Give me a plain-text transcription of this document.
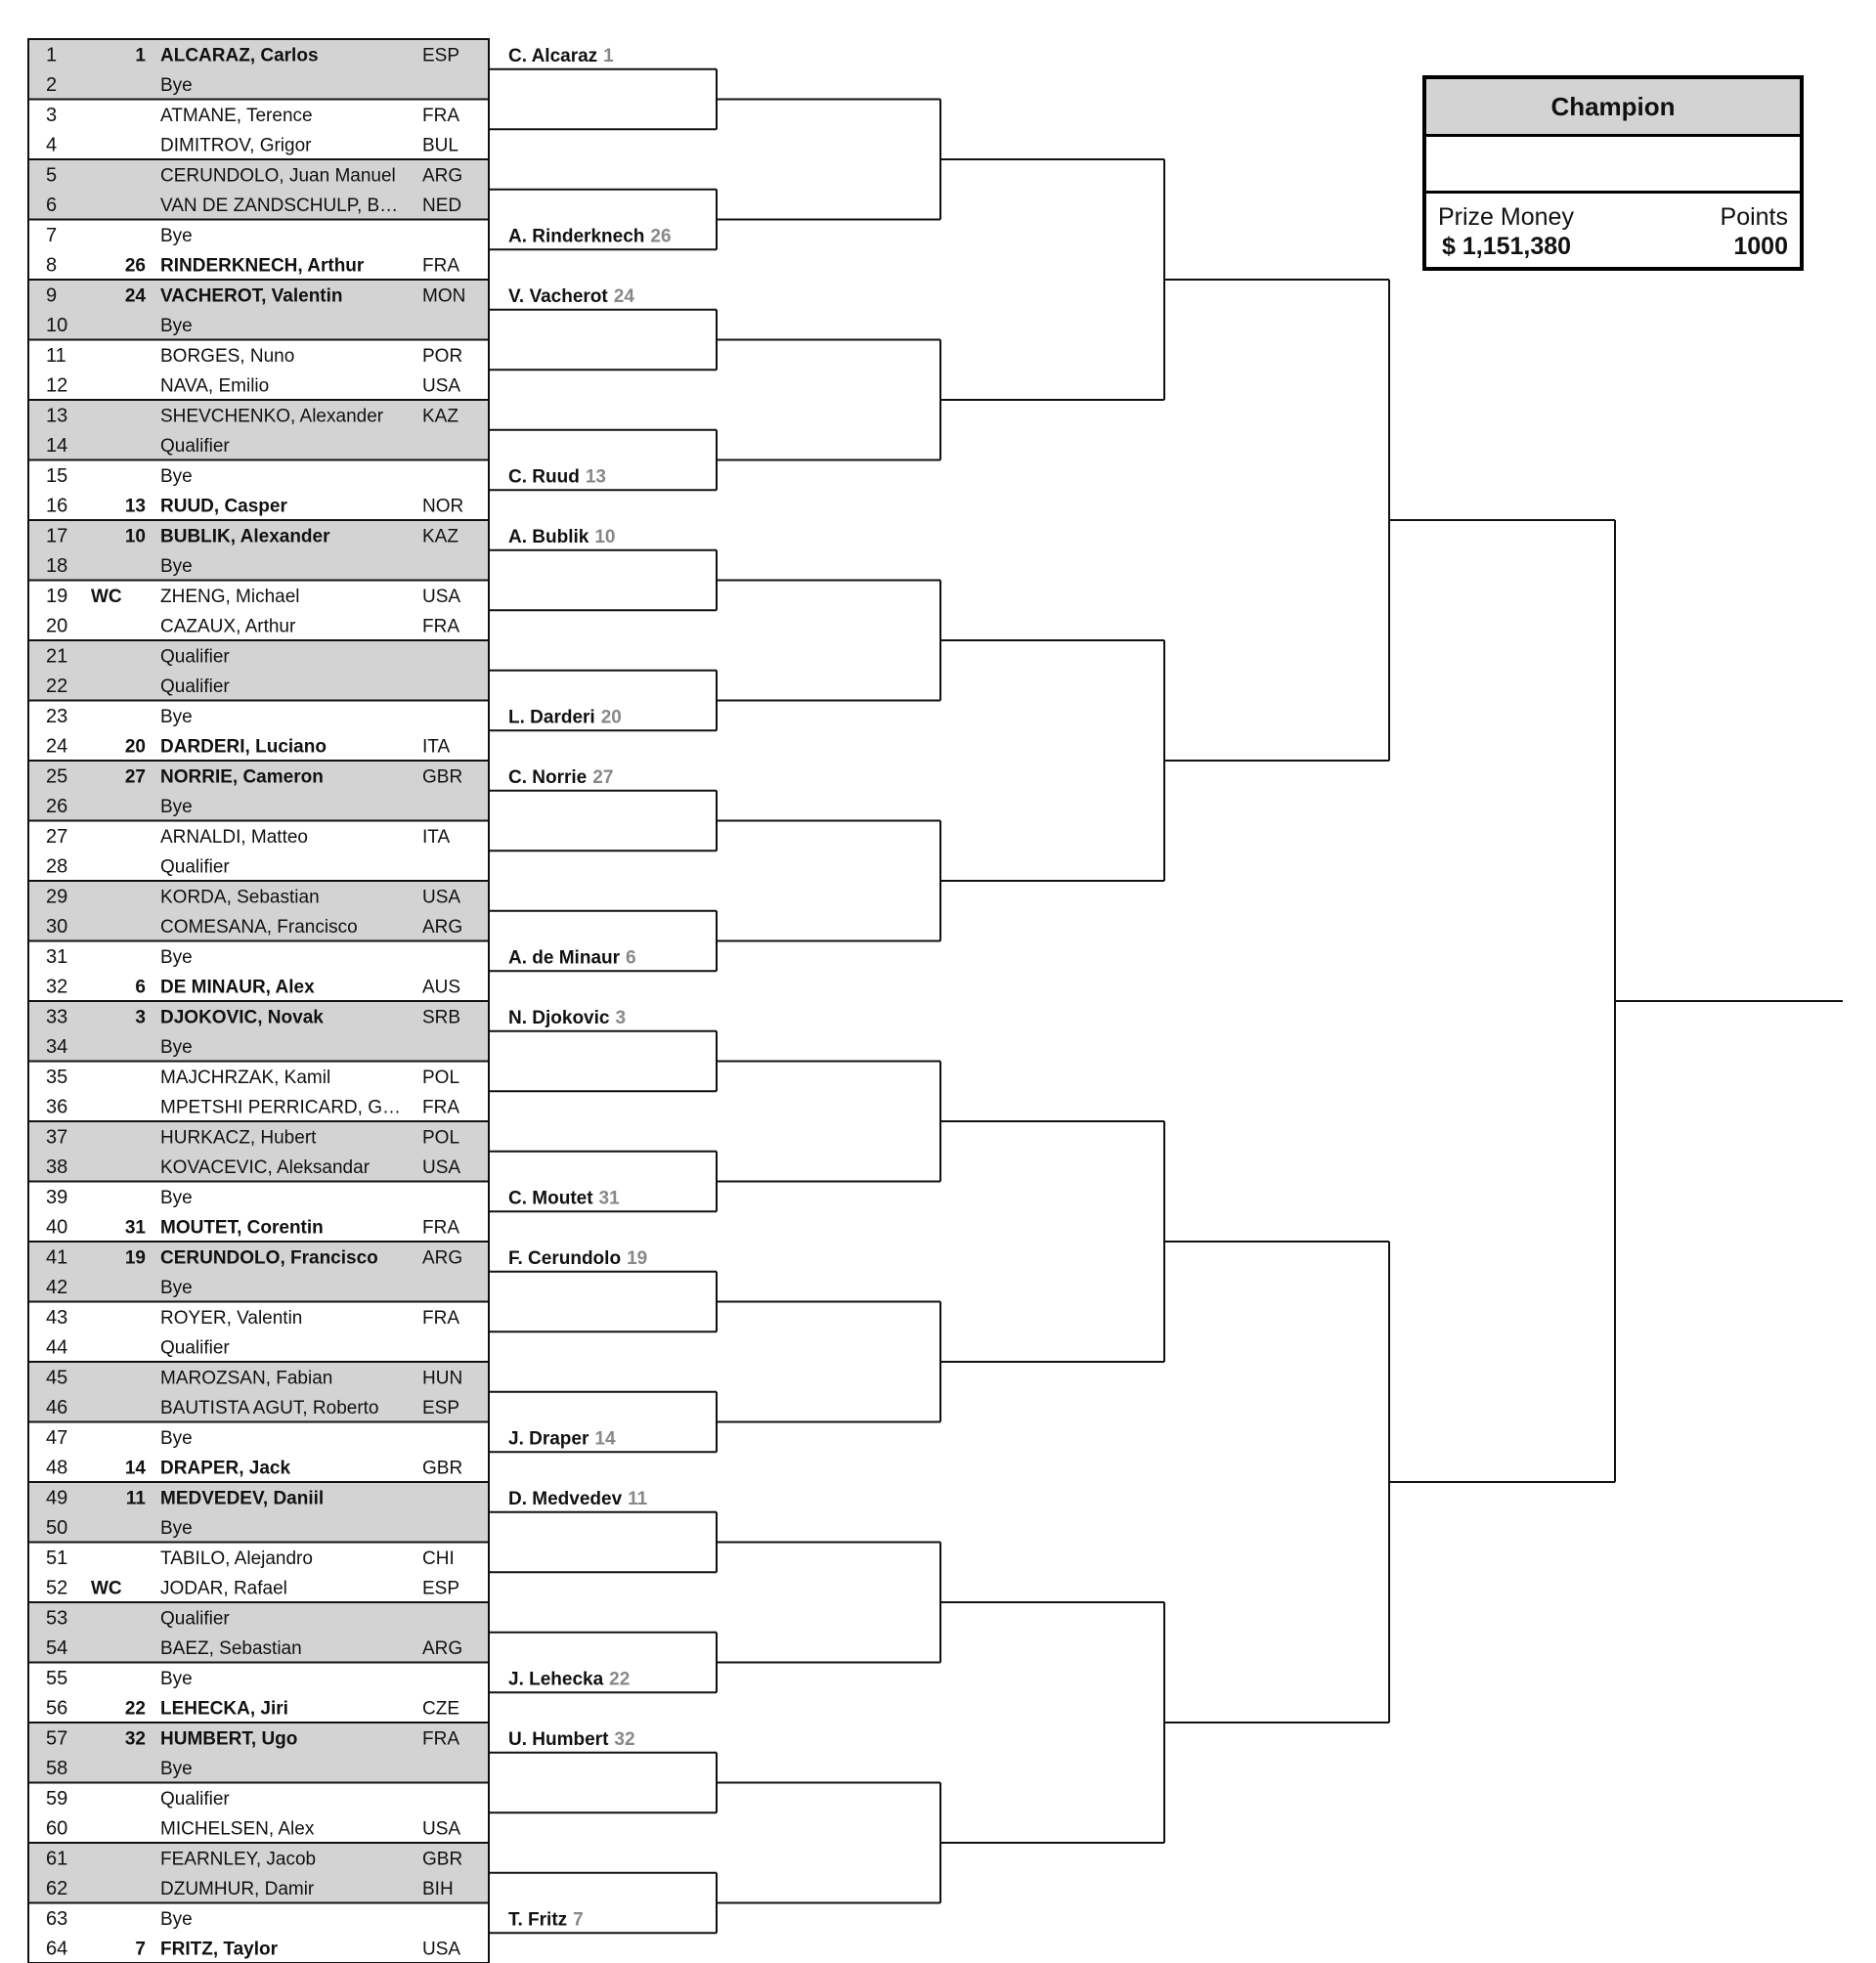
1	1 ALCARAZ, Carlos	ESP
2	Bye
3	ATMANE, Terence	FRA
4	DIMITROV, Grigor	BUL
5	CERUNDOLO, Juan Manuel ARG
6	VAN DE ZANDSCHULP, B… NED
7	Bye
8	26 RINDERKNECH, Arthur	FRA
9	24 VACHEROT, Valentin	MON
10	Bye
11	BORGES, Nuno	POR
12	NAVA, Emilio	USA
13	SHEVCHENKO, Alexander KAZ
14	Qualifier
15	Bye
16	13 RUUD, Casper	NOR
17	10 BUBLIK, Alexander	KAZ
18	Bye
19 WC ZHENG, Michael	USA
20	CAZAUX, Arthur	FRA
21	Qualifier
22	Qualifier
23	Bye
24	20 DARDERI, Luciano	ITA
25	27 NORRIE, Cameron	GBR
26	Bye
27	ARNALDI, Matteo	ITA
28	Qualifier
29	KORDA, Sebastian	USA
30	COMESANA, Francisco	ARG
31	Bye
32	6 DE MINAUR, Alex	AUS
33	3 DJOKOVIC, Novak	SRB
34	Bye
35	MAJCHRZAK, Kamil	POL
36	MPETSHI PERRICARD, G… FRA
37	HURKACZ, Hubert	POL
38	KOVACEVIC, Aleksandar	USA
39	Bye
40	31 MOUTET, Corentin	FRA
41	19 CERUNDOLO, Francisco ARG
42	Bye
43	ROYER, Valentin	FRA
44	Qualifier
45	MAROZSAN, Fabian	HUN
46	BAUTISTA AGUT, Roberto ESP
47	Bye
48	14 DRAPER, Jack	GBR
49	11 MEDVEDEV, Daniil
50	Bye
51	TABILO, Alejandro	CHI
52 WC JODAR, Rafael	ESP
53	Qualifier
54	BAEZ, Sebastian	ARG
55	Bye
56	22 LEHECKA, Jiri	CZE
57	32 HUMBERT, Ugo	FRA
58	Bye
59	Qualifier
60	MICHELSEN, Alex	USA
61	FEARNLEY, Jacob	GBR
62	DZUMHUR, Damir	BIH
63	Bye
64	7 FRITZ, Taylor	USA
C. Alcaraz 1
A. Rinderknech 26
V. Vacherot 24
C. Ruud 13
A. Bublik 10
L. Darderi 20
C. Norrie 27
A. de Minaur 6
N. Djokovic 3
C. Moutet 31
F. Cerundolo 19
J. Draper 14
D. Medvedev 11
J. Lehecka 22
U. Humbert 32
T. Fritz 7
Champion
Prize Money
$ 1,151,380
Points
1000
